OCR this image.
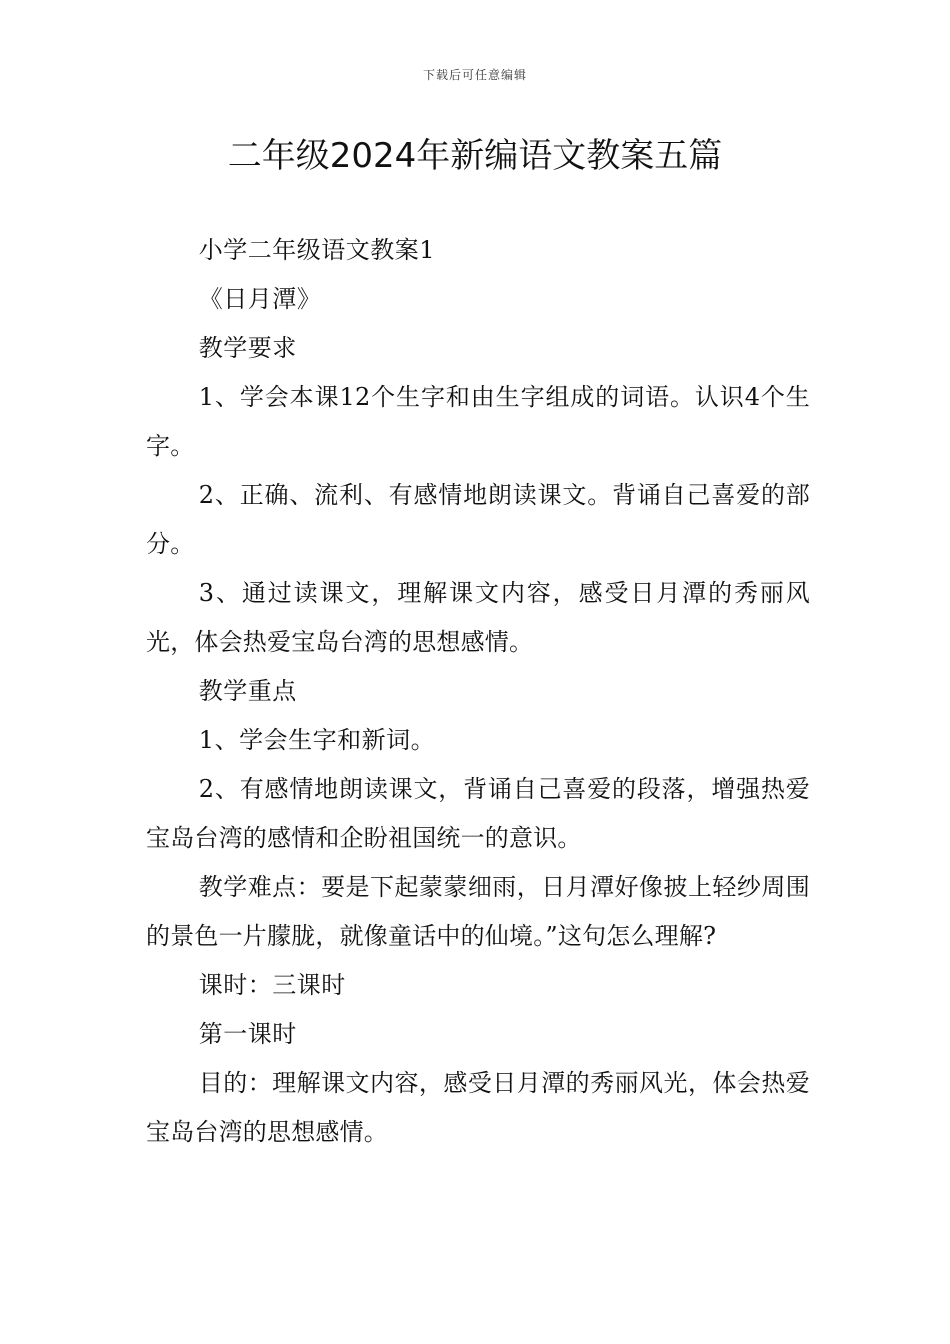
下载后可任意编辑
二年级2024年新编语文教案五篇

小学二年级语文教案1

《日月潭》

教学要求

1、学会本课12个生字和由生字组成的词语。认识4个生字。

2、正确、流利、有感情地朗读课文。背诵自己喜爱的部分。

3、通过读课文，理解课文内容，感受日月潭的秀丽风光，体会热爱宝岛台湾的思想感情。

教学重点

1、学会生字和新词。

2、有感情地朗读课文，背诵自己喜爱的段落，增强热爱宝岛台湾的感情和企盼祖国统一的意识。

教学难点：要是下起蒙蒙细雨，日月潭好像披上轻纱周围的景色一片朦胧，就像童话中的仙境。”这句怎么理解?

课时：三课时

第一课时

目的：理解课文内容，感受日月潭的秀丽风光，体会热爱宝岛台湾的思想感情。
